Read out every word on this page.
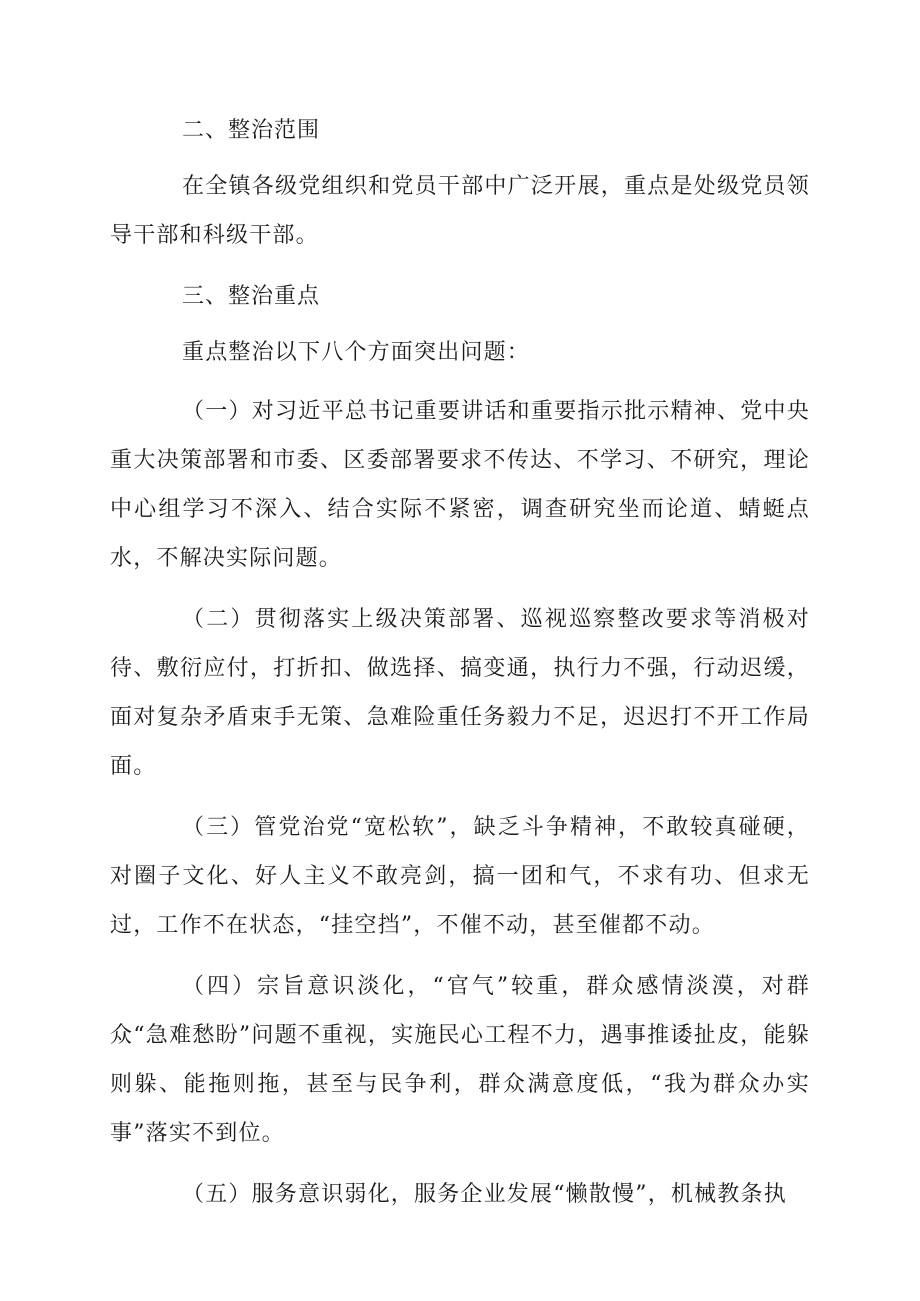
二、整治范围

在全镇各级党组织和党员干部中广泛开展，重点是处级党员领导干部和科级干部。

三、整治重点

重点整治以下八个方面突出问题：

（一）对习近平总书记重要讲话和重要指示批示精神、党中央重大决策部署和市委、区委部署要求不传达、不学习、不研究，理论中心组学习不深入、结合实际不紧密，调查研究坐而论道、蜻蜓点水，不解决实际问题。

（二）贯彻落实上级决策部署、巡视巡察整改要求等消极对待、敷衍应付，打折扣、做选择、搞变通，执行力不强，行动迟缓，面对复杂矛盾束手无策、急难险重任务毅力不足，迟迟打不开工作局面。

（三）管党治党“宽松软”，缺乏斗争精神，不敢较真碰硬，对圈子文化、好人主义不敢亮剑，搞一团和气，不求有功、但求无过，工作不在状态，“挂空挡”，不催不动，甚至催都不动。

（四）宗旨意识淡化，“官气”较重，群众感情淡漠，对群众“急难愁盼”问题不重视，实施民心工程不力，遇事推诿扯皮，能躲则躲、能拖则拖，甚至与民争利，群众满意度低，“我为群众办实事”落实不到位。

（五）服务意识弱化，服务企业发展“懒散慢”，机械教条执
